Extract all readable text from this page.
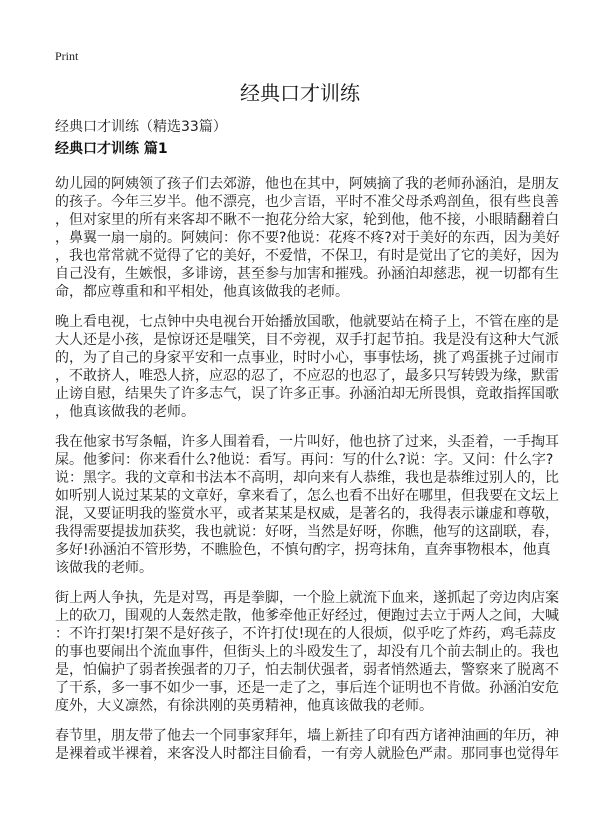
Print
经典口才训练
经典口才训练（精选33篇）
经典口才训练 篇1
幼儿园的阿姨领了孩子们去郊游，他也在其中，阿姨摘了我的老师孙涵泊，是朋友
的孩子。今年三岁半。他不漂亮，也少言语，平时不准父母杀鸡剖鱼，很有些良善
，但对家里的所有来客却不瞅不一抱花分给大家，轮到他，他不接，小眼睛翻着白
，鼻翼一扇一扇的。阿姨问：你不要?他说：花疼不疼?对于美好的东西，因为美好
，我也常常就不觉得了它的美好，不爱惜，不保卫，有时是觉出了它的美好，因为
自己没有，生嫉恨，多诽谤，甚至参与加害和摧残。孙涵泊却慈悲，视一切都有生
命，都应尊重和和平相处，他真该做我的老师。
晚上看电视，七点钟中央电视台开始播放国歌，他就要站在椅子上，不管在座的是
大人还是小孩，是惊讶还是嗤笑，目不旁视，双手打起节拍。我是没有这种大气派
的，为了自己的身家平安和一点事业，时时小心，事事怯场，挑了鸡蛋挑子过闹市
，不敢挤人，唯恐人挤，应忍的忍了，不应忍的也忍了，最多只写转毁为缘，默雷
止谤自慰，结果失了许多志气，误了许多正事。孙涵泊却无所畏惧，竟敢指挥国歌
，他真该做我的老师。
我在他家书写条幅，许多人围着看，一片叫好，他也挤了过来，头歪着，一手掏耳
屎。他爹问：你来看什么?他说：看写。再问：写的什么?说：字。又问：什么字?
说：黑字。我的文章和书法本不高明，却向来有人恭维，我也是恭维过别人的，比
如听别人说过某某的文章好，拿来看了，怎么也看不出好在哪里，但我要在文坛上
混，又要证明我的鉴赏水平，或者某某是权威，是著名的，我得表示谦虚和尊敬，
我得需要提拔加获奖，我也就说：好呀，当然是好呀，你瞧，他写的这副联，春，
多好!孙涵泊不管形势，不瞧脸色，不慎句酌字，拐弯抹角，直奔事物根本，他真
该做我的老师。
街上两人争执，先是对骂，再是拳脚，一个脸上就流下血来，遂抓起了旁边肉店案
上的砍刀，围观的人轰然走散，他爹牵他正好经过，便跑过去立于两人之间，大喊
：不许打架!打架不是好孩子，不许打仗!现在的人很烦，似乎吃了炸药，鸡毛蒜皮
的事也要闹出个流血事件，但街头上的斗殴发生了，却没有几个前去制止的。我也
是，怕偏护了弱者挨强者的刀子，怕去制伏强者，弱者悄然遁去，警察来了脱离不
了干系，多一事不如少一事，还是一走了之，事后连个证明也不肯做。孙涵泊安危
度外，大义凛然，有徐洪刚的英勇精神，他真该做我的老师。
春节里，朋友带了他去一个同事家拜年，墙上新挂了印有西方诸神油画的年历，神
是裸着或半裸着，来客没人时都注目偷看，一有旁人就脸色严肃。那同事也觉得年
